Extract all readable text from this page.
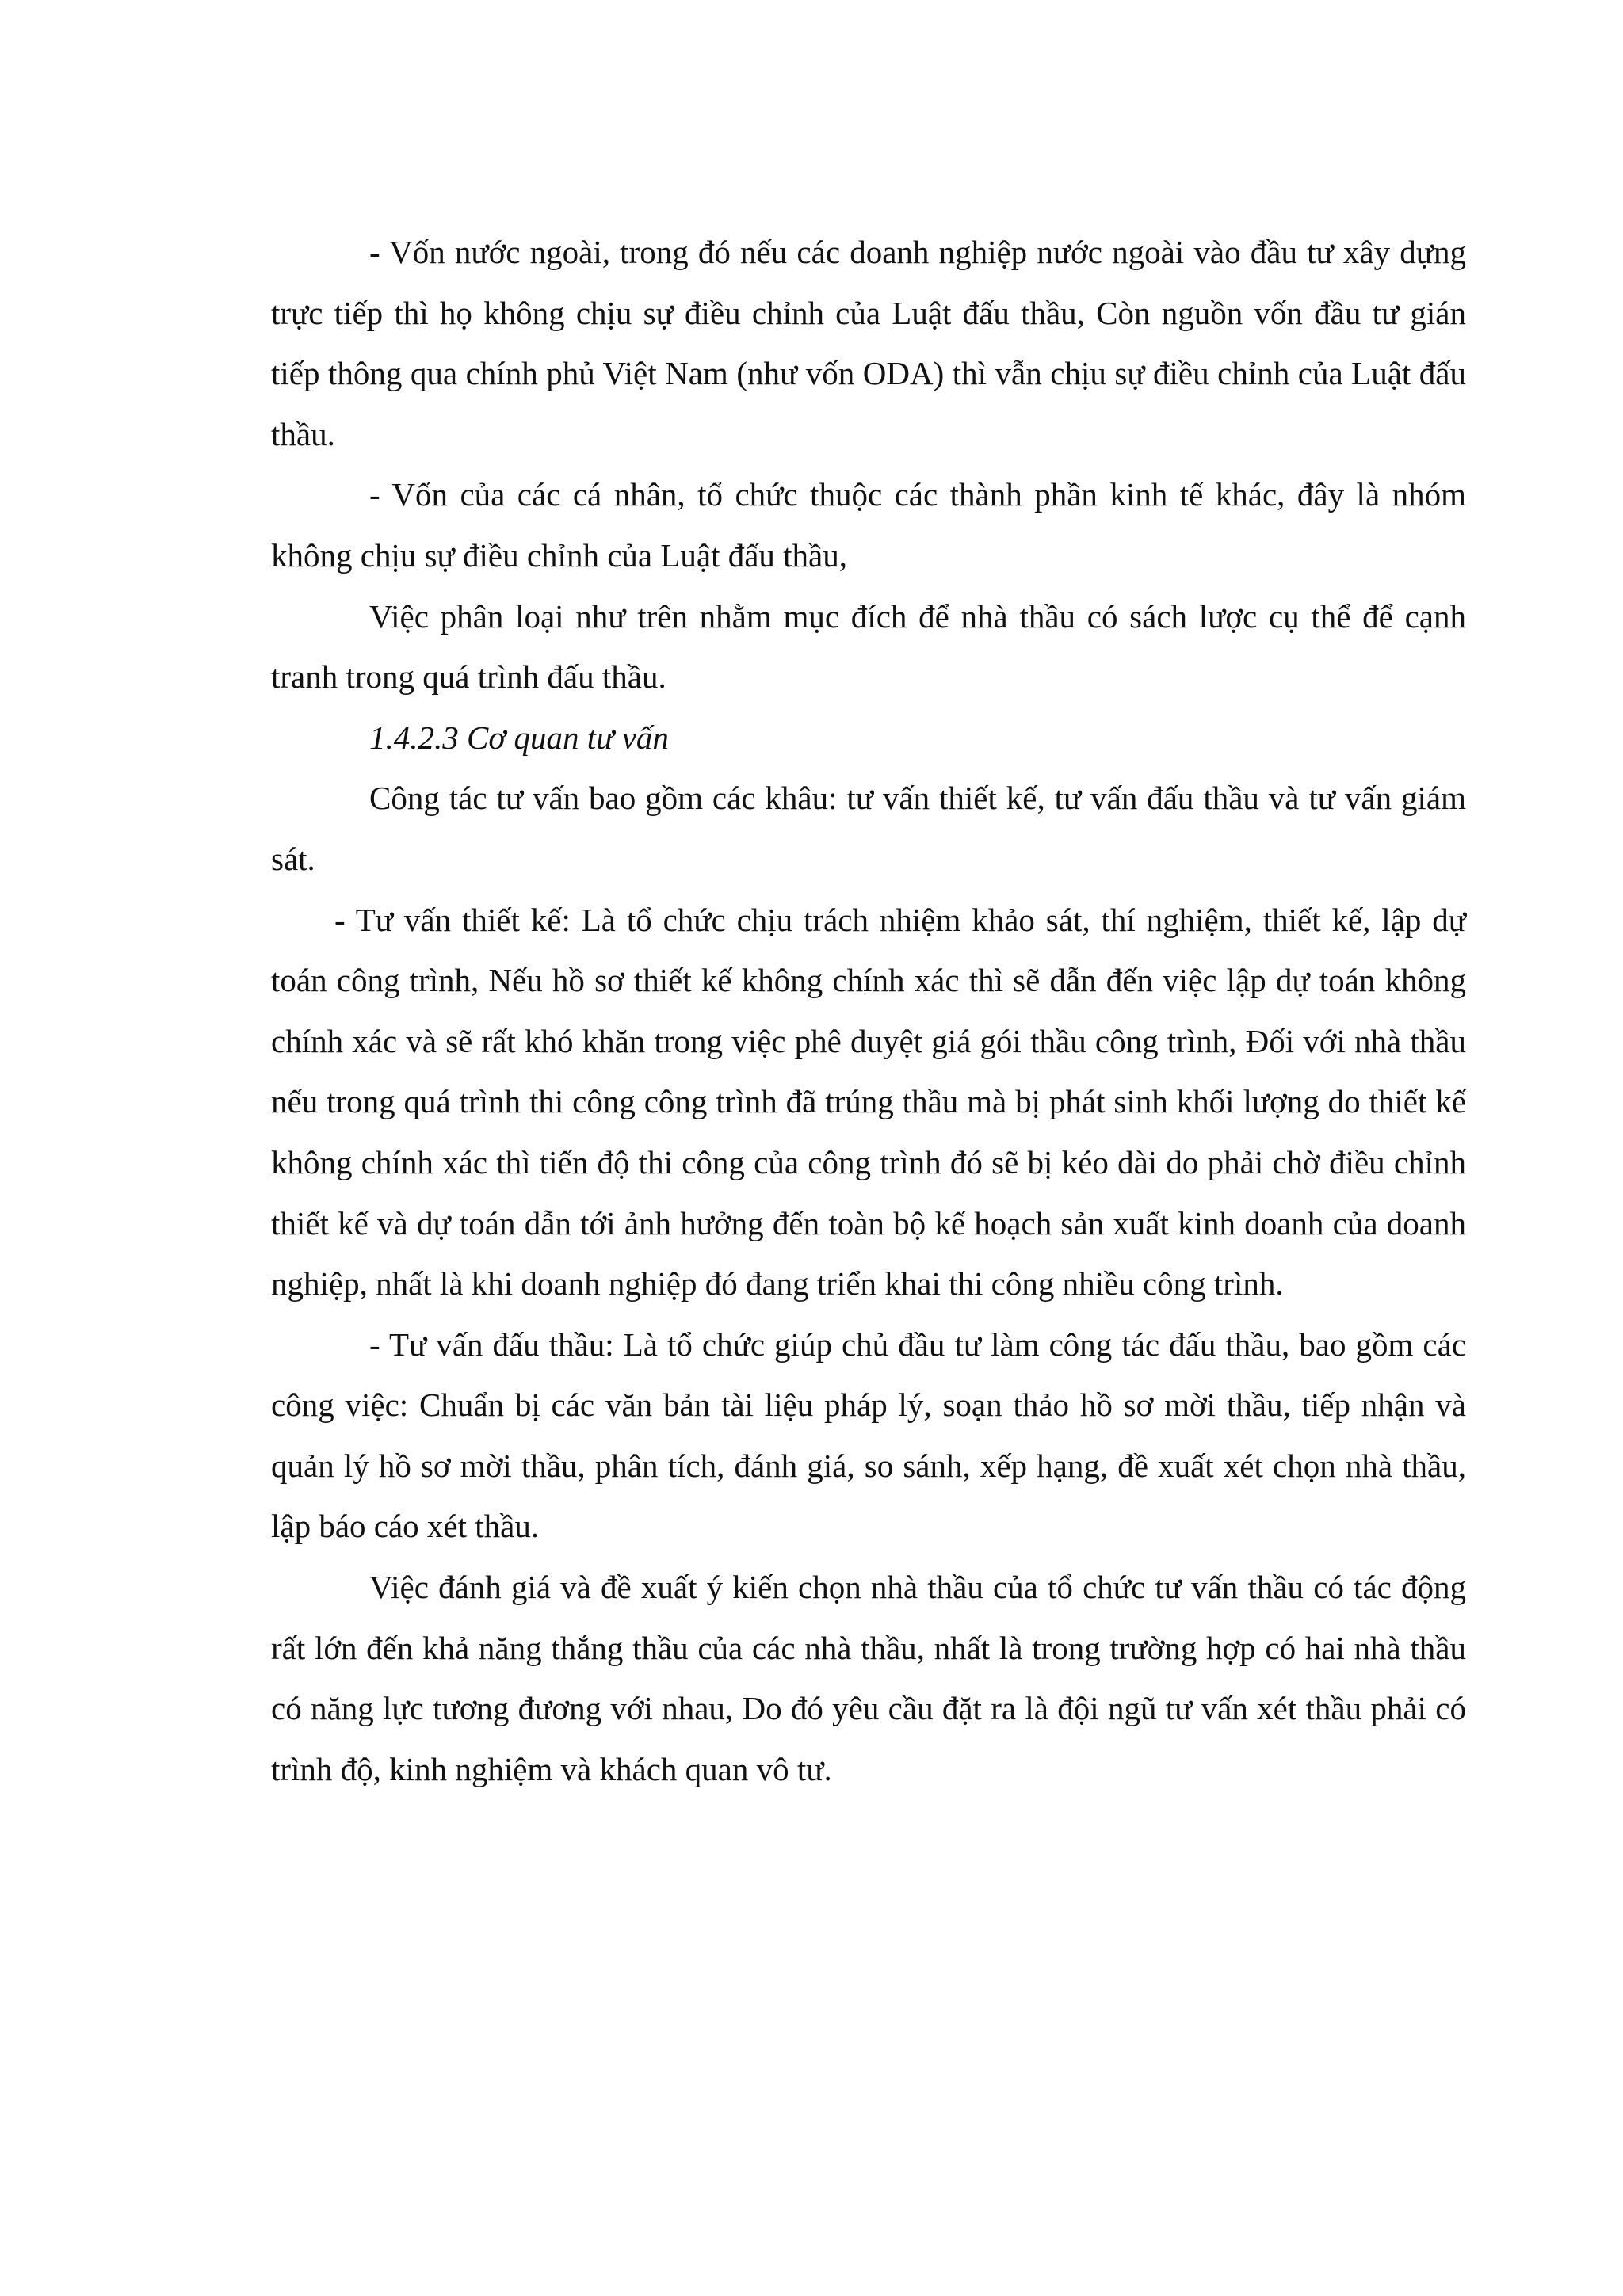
- Vốn nước ngoài, trong đó nếu các doanh nghiệp nước ngoài vào đầu tư xây dựng trực tiếp thì họ không chịu sự điều chỉnh của Luật đấu thầu, Còn nguồn vốn đầu tư gián tiếp thông qua chính phủ Việt Nam (như vốn ODA) thì vẫn chịu sự điều chỉnh của Luật đấu thầu.

- Vốn của các cá nhân, tổ chức thuộc các thành phần kinh tế khác, đây là nhóm không chịu sự điều chỉnh của Luật đấu thầu,

Việc phân loại như trên nhằm mục đích để nhà thầu có sách lược cụ thể để cạnh tranh trong quá trình đấu thầu.

1.4.2.3 Cơ quan tư vấn

Công tác tư vấn bao gồm các khâu: tư vấn thiết kế, tư vấn đấu thầu và tư vấn giám sát.

- Tư vấn thiết kế: Là tổ chức chịu trách nhiệm khảo sát, thí nghiệm, thiết kế, lập dự toán công trình, Nếu hồ sơ thiết kế không chính xác thì sẽ dẫn đến việc lập dự toán không chính xác và sẽ rất khó khăn trong việc phê duyệt giá gói thầu công trình, Đối với nhà thầu nếu trong quá trình thi công công trình đã trúng thầu mà bị phát sinh khối lượng do thiết kế không chính xác thì tiến độ thi công của công trình đó sẽ bị kéo dài do phải chờ điều chỉnh thiết kế và dự toán dẫn tới ảnh hưởng đến toàn bộ kế hoạch sản xuất kinh doanh của doanh nghiệp, nhất là khi doanh nghiệp đó đang triển khai thi công nhiều công trình.

- Tư vấn đấu thầu: Là tổ chức giúp chủ đầu tư làm công tác đấu thầu, bao gồm các công việc: Chuẩn bị các văn bản tài liệu pháp lý, soạn thảo hồ sơ mời thầu, tiếp nhận và quản lý hồ sơ mời thầu, phân tích, đánh giá, so sánh, xếp hạng, đề xuất xét chọn nhà thầu, lập báo cáo xét thầu.

Việc đánh giá và đề xuất ý kiến chọn nhà thầu của tổ chức tư vấn thầu có tác động rất lớn đến khả năng thắng thầu của các nhà thầu, nhất là trong trường hợp có hai nhà thầu có năng lực tương đương với nhau, Do đó yêu cầu đặt ra là đội ngũ tư vấn xét thầu phải có trình độ, kinh nghiệm và khách quan vô tư.
